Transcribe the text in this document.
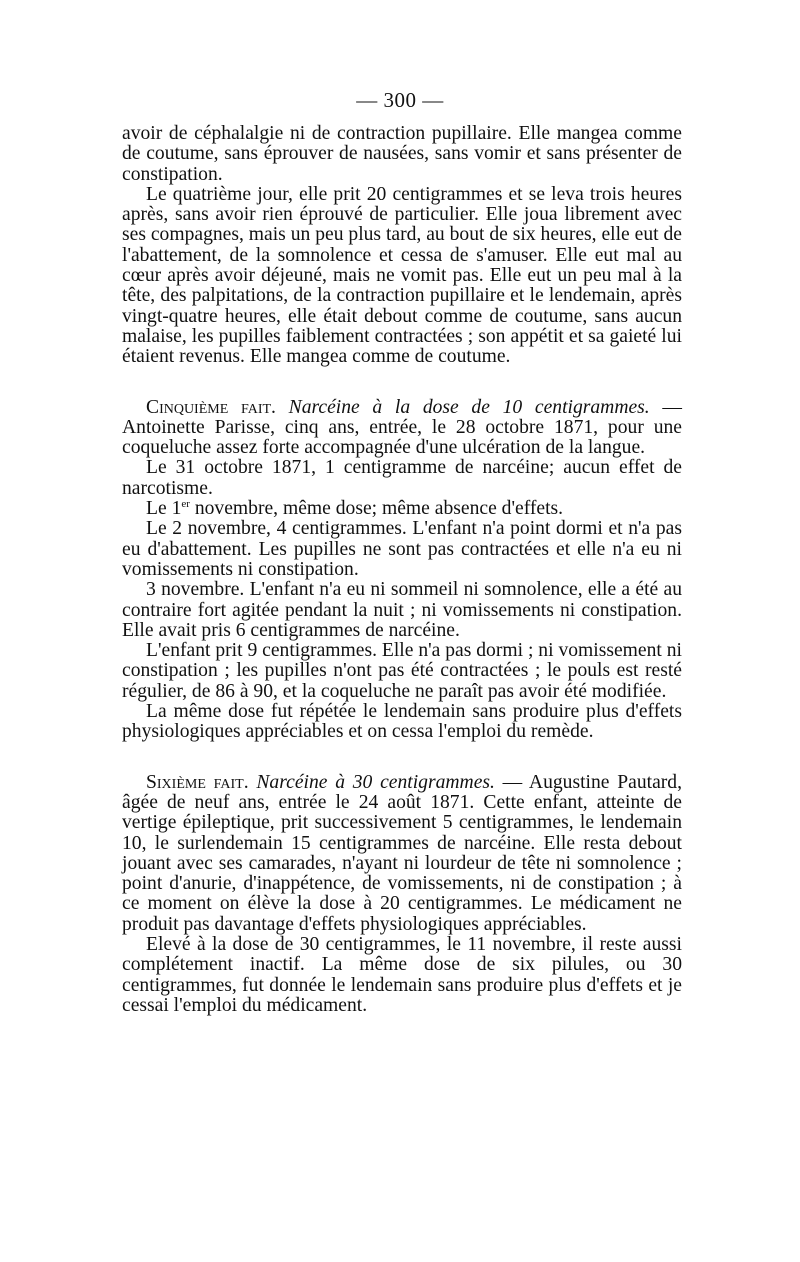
— 300 —

avoir de céphalalgie ni de contraction pupillaire. Elle mangea comme de coutume, sans éprouver de nausées, sans vomir et sans présenter de constipation.

Le quatrième jour, elle prit 20 centigrammes et se leva trois heures après, sans avoir rien éprouvé de particulier. Elle joua librement avec ses compagnes, mais un peu plus tard, au bout de six heures, elle eut de l'abattement, de la somnolence et cessa de s'amuser. Elle eut mal au cœur après avoir déjeuné, mais ne vomit pas. Elle eut un peu mal à la tête, des palpitations, de la contraction pupillaire et le lendemain, après vingt-quatre heures, elle était debout comme de coutume, sans aucun malaise, les pupilles faiblement contractées ; son appétit et sa gaieté lui étaient revenus. Elle mangea comme de coutume.

Cinquième fait. Narcéine à la dose de 10 centigrammes. — Antoinette Parisse, cinq ans, entrée, le 28 octobre 1871, pour une coqueluche assez forte accompagnée d'une ulcération de la langue.

Le 31 octobre 1871, 1 centigramme de narcéine; aucun effet de narcotisme.

Le 1er novembre, même dose; même absence d'effets.

Le 2 novembre, 4 centigrammes. L'enfant n'a point dormi et n'a pas eu d'abattement. Les pupilles ne sont pas contractées et elle n'a eu ni vomissements ni constipation.

3 novembre. L'enfant n'a eu ni sommeil ni somnolence, elle a été au contraire fort agitée pendant la nuit ; ni vomissements ni constipation. Elle avait pris 6 centigrammes de narcéine.

L'enfant prit 9 centigrammes. Elle n'a pas dormi ; ni vomissement ni constipation ; les pupilles n'ont pas été contractées ; le pouls est resté régulier, de 86 à 90, et la coqueluche ne paraît pas avoir été modifiée.

La même dose fut répétée le lendemain sans produire plus d'effets physiologiques appréciables et on cessa l'emploi du remède.

Sixième fait. Narcéine à 30 centigrammes. — Augustine Pautard, âgée de neuf ans, entrée le 24 août 1871. Cette enfant, atteinte de vertige épileptique, prit successivement 5 centigrammes, le lendemain 10, le surlendemain 15 centigrammes de narcéine. Elle resta debout jouant avec ses camarades, n'ayant ni lourdeur de tête ni somnolence ; point d'anurie, d'inappétence, de vomissements, ni de constipation ; à ce moment on élève la dose à 20 centigrammes. Le médicament ne produit pas davantage d'effets physiologiques appréciables.

Elevé à la dose de 30 centigrammes, le 11 novembre, il reste aussi complétement inactif. La même dose de six pilules, ou 30 centigrammes, fut donnée le lendemain sans produire plus d'effets et je cessai l'emploi du médicament.
